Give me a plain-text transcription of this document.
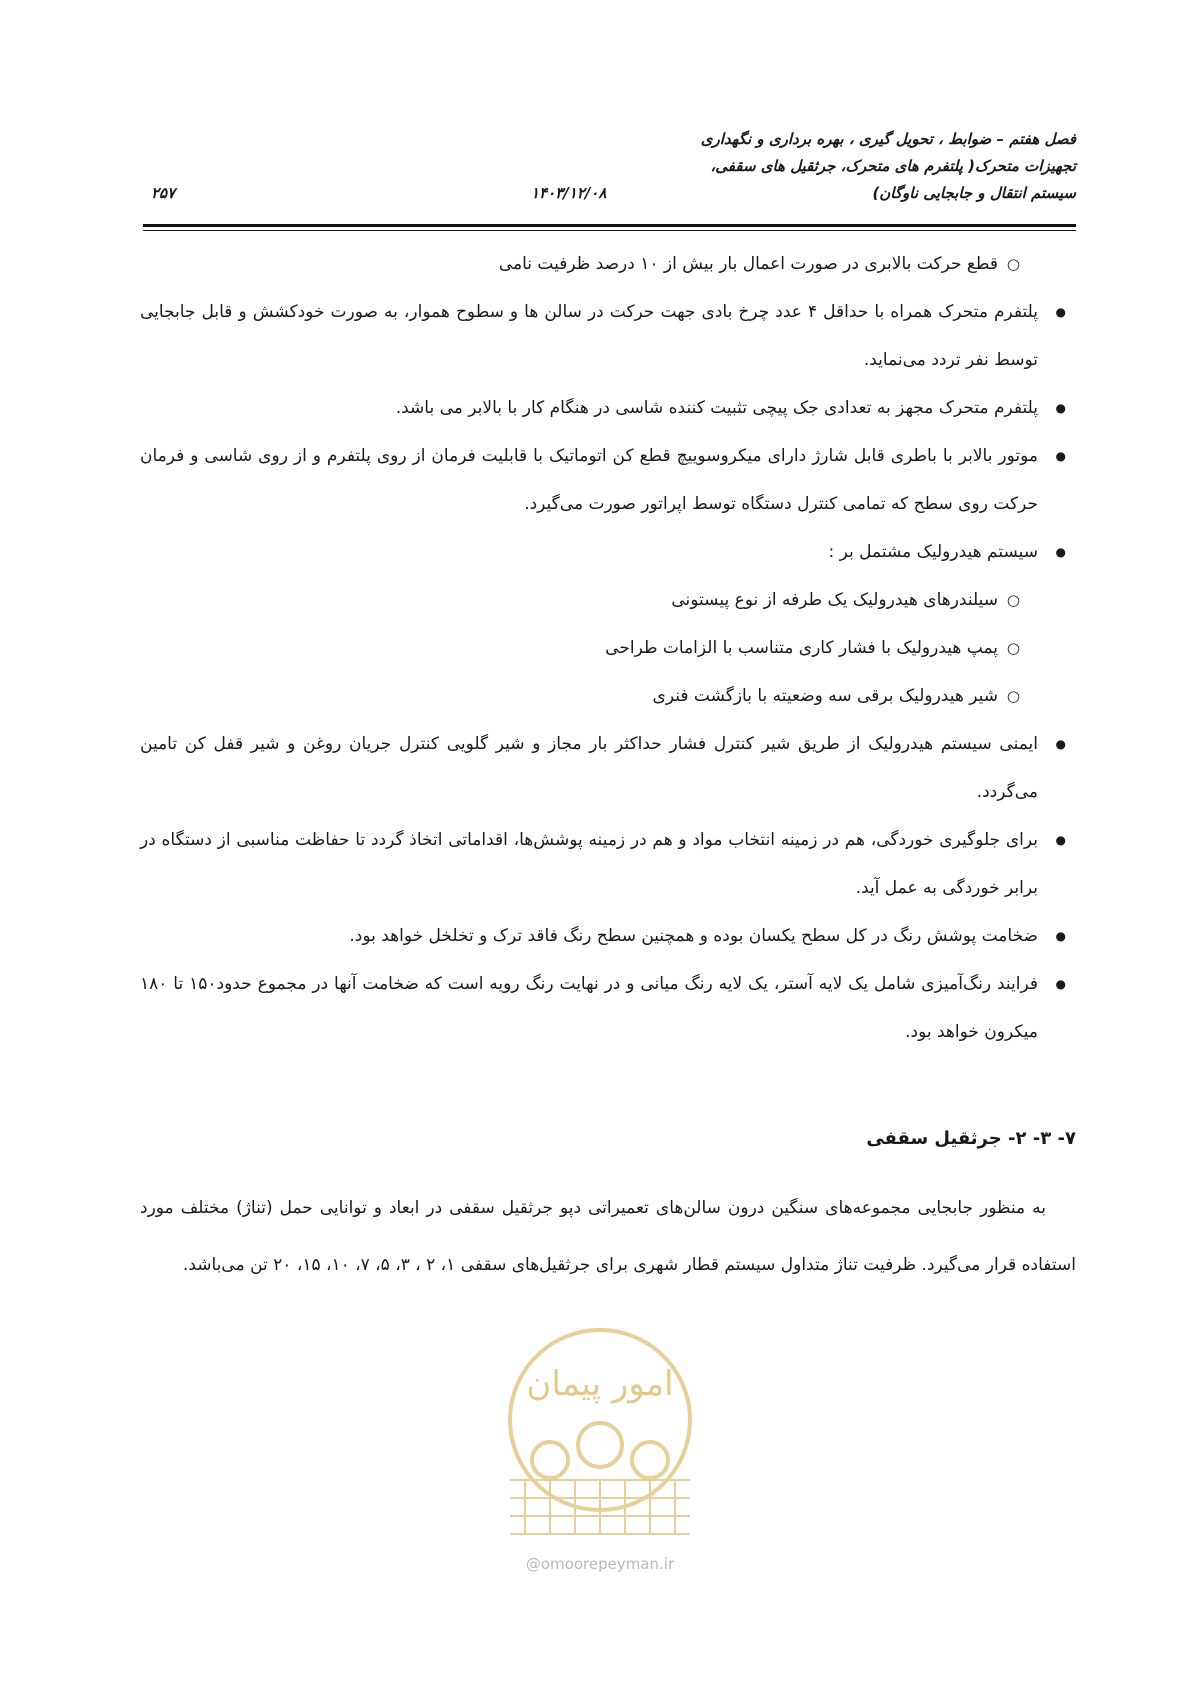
فصل هفتم – ضوابط ، تحویل گیری ، بهره برداری و نگهداری
تجهیزات متحرک( پلتفرم های متحرک، جرثقیل های سقفی،
سیستم انتقال و جابجایی ناوگان)
۱۴۰۳/۱۲/۰۸
۲۵۷
○
قطع حرکت بالابری در صورت اعمال بار بیش از ۱۰ درصد ظرفیت نامی
●
پلتفرم متحرک همراه با حداقل ۴ عدد چرخ بادی جهت حرکت در سالن ها و سطوح هموار، به صورت خودکشش و قابل جابجایی توسط نفر تردد می‌نماید.
●
پلتفرم متحرک مجهز به تعدادی جک پیچی تثبیت کننده شاسی در هنگام کار با بالابر می باشد.
●
موتور بالابر با باطری قابل شارژ دارای میکروسوییچ قطع کن اتوماتیک با قابلیت فرمان از روی پلتفرم و از روی شاسی و فرمان حرکت روی سطح که تمامی کنترل دستگاه توسط اپراتور صورت می‌گیرد.
●
سیستم هیدرولیک مشتمل بر :
○
سیلندرهای هیدرولیک یک طرفه از نوع پیستونی
○
پمپ هیدرولیک با فشار کاری متناسب با الزامات طراحی
○
شیر هیدرولیک برقی سه وضعیته با بازگشت فنری
●
ایمنی سیستم هیدرولیک از طریق شیر کنترل فشار حداکثر بار مجاز و شیر گلویی کنترل جریان روغن و شیر قفل کن تامین می‌گردد.
●
برای جلوگیری خوردگی، هم در زمینه انتخاب مواد و هم در زمینه پوشش‌ها، اقداماتی اتخاذ گردد تا حفاظت مناسبی از دستگاه در برابر خوردگی به عمل آید.
●
ضخامت پوشش رنگ در کل سطح یکسان بوده و همچنین سطح رنگ فاقد ترک و تخلخل خواهد بود.
●
فرایند رنگ‌آمیزی شامل یک لایه آستر، یک لایه رنگ میانی و در نهایت رنگ رویه است که ضخامت آنها در مجموع حدود۱۵۰ تا ۱۸۰ میکرون خواهد بود.
۷- ۳- ۲- جرثقیل سقفی
به منظور جابجایی مجموعه‌های سنگین درون سالن‌های تعمیراتی دپو جرثقیل سقفی در ابعاد و توانایی حمل (تناژ) مختلف مورد استفاده قرار می‌گیرد. ظرفیت تناژ متداول سیستم قطار شهری برای جرثقیل‌های سقفی ۱، ۲ ، ۳، ۵، ۷، ۱۰، ۱۵، ۲۰ تن می‌باشد.
امور پیمان
@omoorepeyman.ir
